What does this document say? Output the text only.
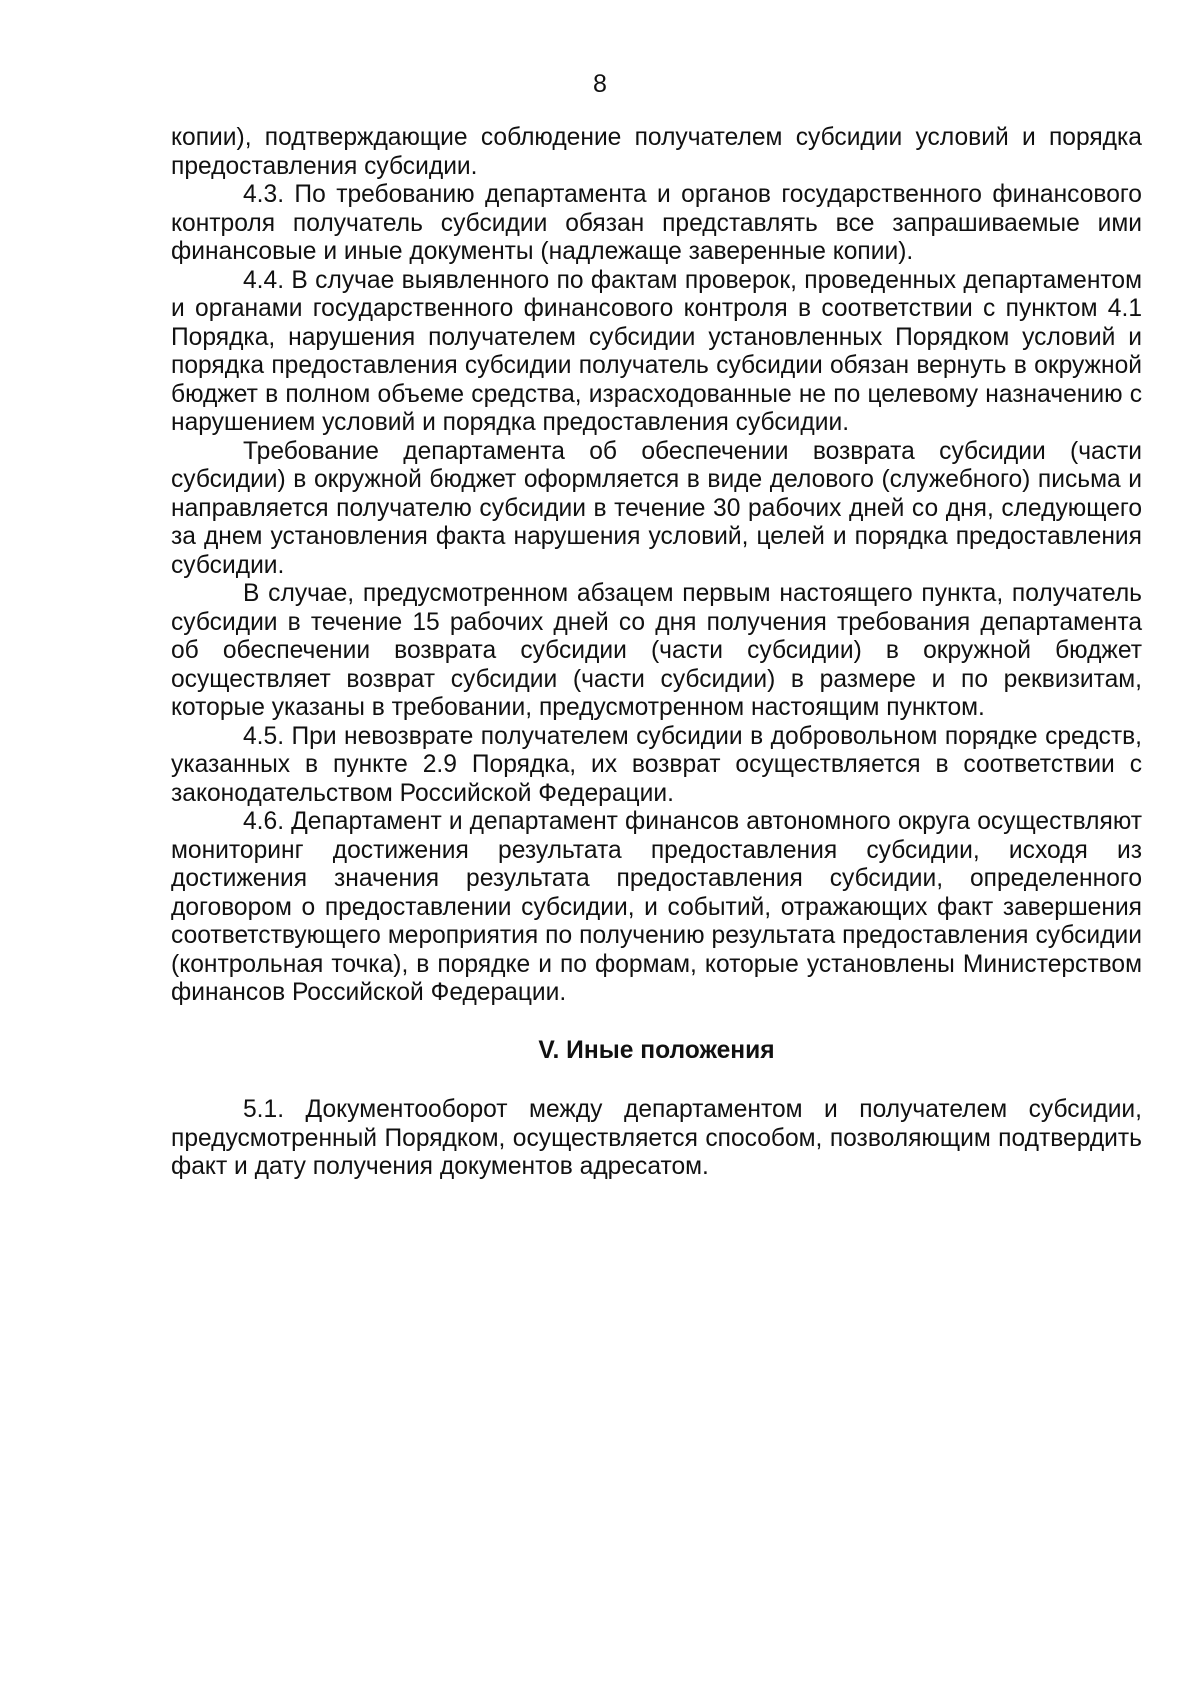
8

копии), подтверждающие соблюдение получателем субсидии условий и порядка предоставления субсидии.

4.3. По требованию департамента и органов государственного финансового контроля получатель субсидии обязан представлять все запрашиваемые ими финансовые и иные документы (надлежаще заверенные копии).

4.4. В случае выявленного по фактам проверок, проведенных департаментом и органами государственного финансового контроля в соответствии с пунктом 4.1 Порядка, нарушения получателем субсидии установленных Порядком условий и порядка предоставления субсидии получатель субсидии обязан вернуть в окружной бюджет в полном объеме средства, израсходованные не по целевому назначению с нарушением условий и порядка предоставления субсидии.

Требование департамента об обеспечении возврата субсидии (части субсидии) в окружной бюджет оформляется в виде делового (служебного) письма и направляется получателю субсидии в течение 30 рабочих дней со дня, следующего за днем установления факта нарушения условий, целей и порядка предоставления субсидии.

В случае, предусмотренном абзацем первым настоящего пункта, получатель субсидии в течение 15 рабочих дней со дня получения требования департамента об обеспечении возврата субсидии (части субсидии) в окружной бюджет осуществляет возврат субсидии (части субсидии) в размере и по реквизитам, которые указаны в требовании, предусмотренном настоящим пунктом.

4.5. При невозврате получателем субсидии в добровольном порядке средств, указанных в пункте 2.9 Порядка, их возврат осуществляется в соответствии с законодательством Российской Федерации.

4.6. Департамент и департамент финансов автономного округа осуществляют мониторинг достижения результата предоставления субсидии, исходя из достижения значения результата предоставления субсидии, определенного договором о предоставлении субсидии, и событий, отражающих факт завершения соответствующего мероприятия по получению результата предоставления субсидии (контрольная точка), в порядке и по формам, которые установлены Министерством финансов Российской Федерации.

V. Иные положения

5.1. Документооборот между департаментом и получателем субсидии, предусмотренный Порядком, осуществляется способом, позволяющим подтвердить факт и дату получения документов адресатом.
